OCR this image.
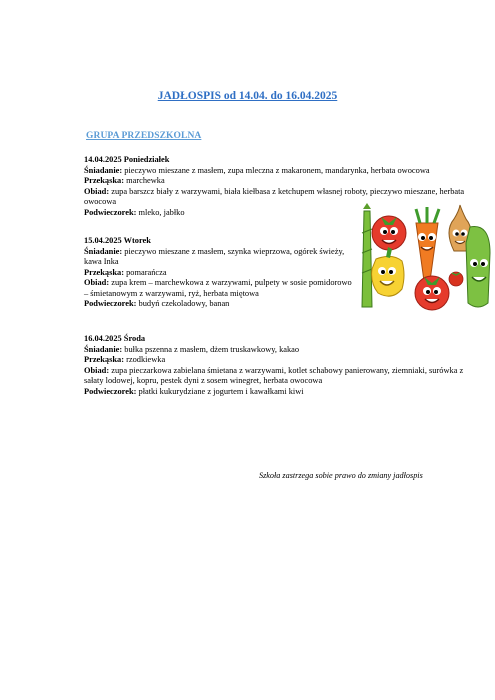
JADŁOSPIS od 14.04. do 16.04.2025
GRUPA PRZEDSZKOLNA

14.04.2025 Poniedziałek

Śniadanie: pieczywo mieszane z masłem, zupa mleczna z makaronem, mandarynka, herbata owocowa

Przekąska: marchewka

Obiad: zupa barszcz biały z warzywami, biała kiełbasa z ketchupem własnej roboty, pieczywo mieszane, herbata owocowa

Podwieczorek: mleko, jabłko

15.04.2025 Wtorek

Śniadanie: pieczywo mieszane z masłem, szynka wieprzowa, ogórek świeży, kawa Inka

Przekąska: pomarańcza

Obiad: zupa krem – marchewkowa z warzywami, pulpety w sosie pomidorowo – śmietanowym z warzywami, ryż, herbata miętowa

Podwieczorek: budyń czekoladowy, banan

16.04.2025 Środa

Śniadanie: bułka pszenna z masłem, dżem truskawkowy, kakao

Przekąska: rzodkiewka

Obiad: zupa pieczarkowa zabielana śmietana z warzywami, kotlet schabowy panierowany, ziemniaki, surówka z sałaty lodowej, kopru, pestek dyni z sosem winegret, herbata owocowa

Podwieczorek: płatki kukurydziane z jogurtem i kawałkami kiwi

Szkoła zastrzega sobie prawo do zmiany jadłospis
